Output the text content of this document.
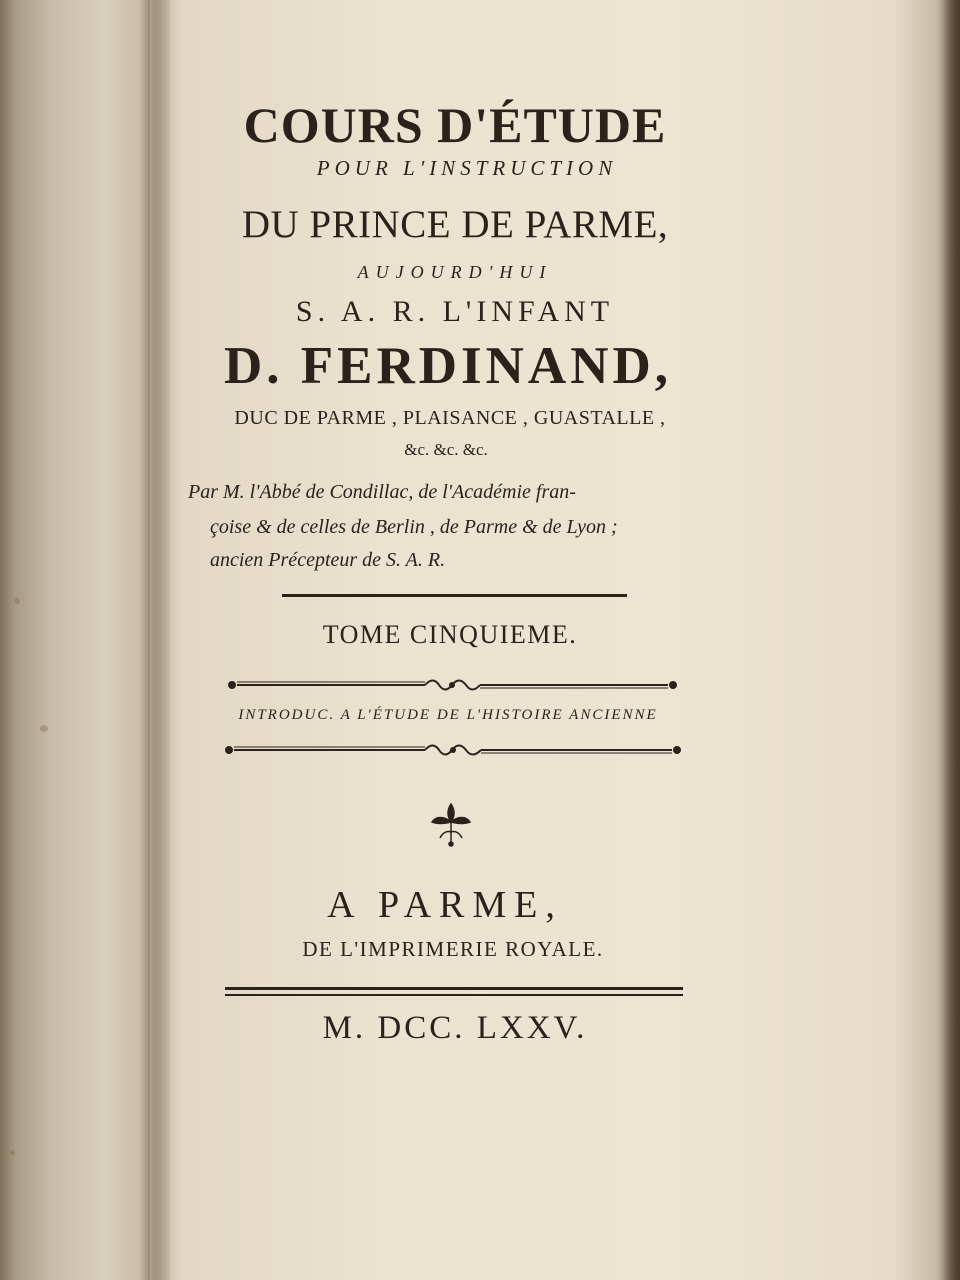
COURS D'ÉTUDE
POUR L'INSTRUCTION
DU PRINCE DE PARME,
AUJOURD'HUI
S. A. R. L'INFANT
D. FERDINAND,
DUC DE PARME , PLAISANCE , GUASTALLE ,
&c. &c. &c.
Par M. l'Abbé de Condillac, de l'Académie fran-
çoise & de celles de Berlin , de Parme & de Lyon ;
ancien Précepteur de S. A. R.
TOME CINQUIEME.
INTRODUC. A L'ÉTUDE DE L'HISTOIRE ANCIENNE
A PARME,
DE L'IMPRIMERIE ROYALE.
M. DCC. LXXV.
